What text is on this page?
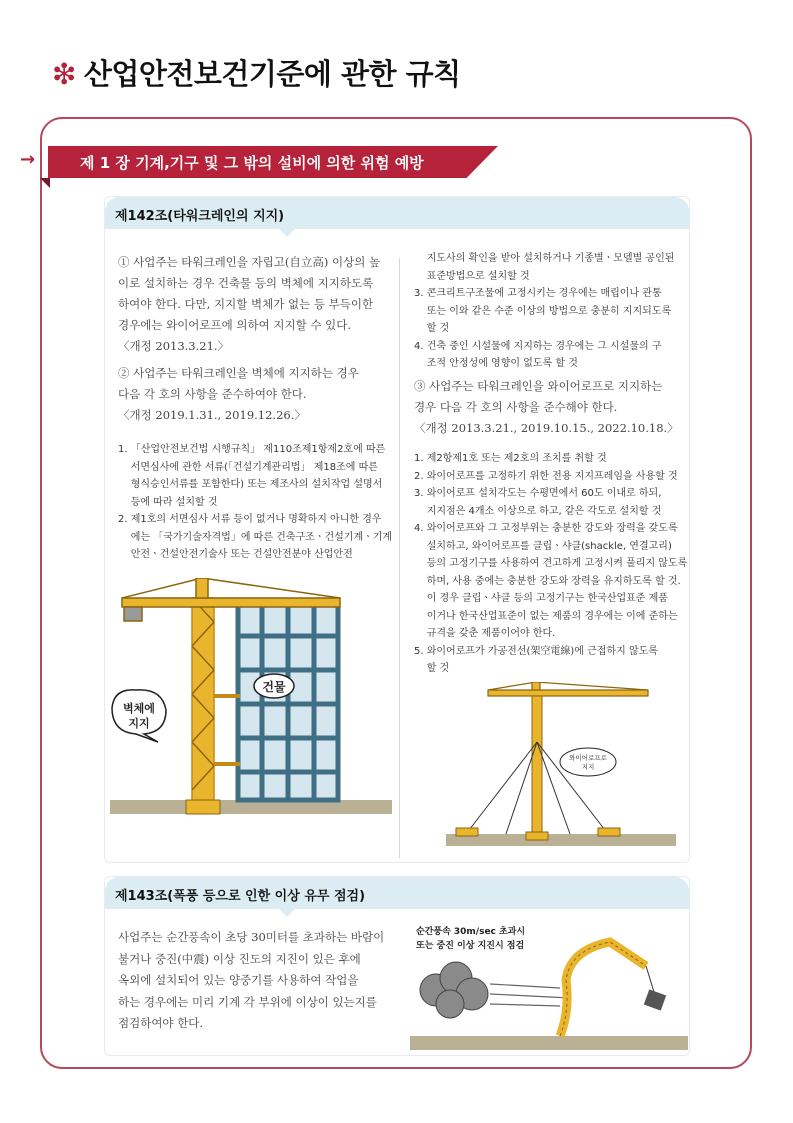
❇ 산업안전보건기준에 관한 규칙
→	제 1 장 기계,기구 및 그 밖의 설비에 의한 위험 예방
제142조(타워크레인의 지지)
① 사업주는 타워크레인을 자립고(自立高) 이상의 높
이로 설치하는 경우 건축물 등의 벽체에 지지하도록
하여야 한다. 다만, 지지할 벽체가 없는 등 부득이한
경우에는 와이어로프에 의하여 지지할 수 있다.
〈개정 2013.3.21.〉
② 사업주는 타워크레인을 벽체에 지지하는 경우
다음 각 호의 사항을 준수하여야 한다.
〈개정 2019.1.31., 2019.12.26.〉
1. 「산업안전보건법 시행규칙」 제110조제1항제2호에 따른
서면심사에 관한 서류(「건설기계관리법」 제18조에 따른
형식승인서류를 포함한다) 또는 제조사의 설치작업 설명서
등에 따라 설치할 것
2. 제1호의 서면심사 서류 등이 없거나 명확하지 아니한 경우
에는 「국가기술자격법」에 따른 건축구조ㆍ건설기계ㆍ기계
안전ㆍ건설안전기술사 또는 건설안전분야 산업안전
지도사의 확인을 받아 설치하거나 기종별ㆍ모델별 공인된
표준방법으로 설치할 것
3. 콘크리트구조물에 고정시키는 경우에는 매립이나 관통
또는 이와 같은 수준 이상의 방법으로 충분히 지지되도록
할 것
4. 건축 중인 시설물에 지지하는 경우에는 그 시설물의 구
조적 안정성에 영향이 없도록 할 것
③ 사업주는 타워크레인을 와이어로프로 지지하는
경우 다음 각 호의 사항을 준수해야 한다.
〈개정 2013.3.21., 2019.10.15., 2022.10.18.〉
1. 제2항제1호 또는 제2호의 조치를 취할 것
2. 와이어로프를 고정하기 위한 전용 지지프레임을 사용할 것
3. 와이어로프 설치각도는 수평면에서 60도 이내로 하되,
지지점은 4개소 이상으로 하고, 같은 각도로 설치할 것
4. 와이어로프와 그 고정부위는 충분한 강도와 장력을 갖도록
설치하고, 와이어로프를 클립ㆍ샤클(shackle, 연결고리)
등의 고정기구를 사용하여 견고하게 고정시켜 풀리지 않도록
하며, 사용 중에는 충분한 강도와 장력을 유지하도록 할 것.
이 경우 클립ㆍ샤클 등의 고정기구는 한국산업표준 제품
이거나 한국산업표준이 없는 제품의 경우에는 이에 준하는
규격을 갖춘 제품이어야 한다.
5. 와이어로프가 가공전선(架空電線)에 근접하지 않도록
할 것
건물
벽체에
지지
와이어로프로
지지
제143조(폭풍 등으로 인한 이상 유무 점검)
사업주는 순간풍속이 초당 30미터를 초과하는 바람이
불거나 중진(中震) 이상 진도의 지진이 있은 후에
옥외에 설치되어 있는 양중기를 사용하여 작업을
하는 경우에는 미리 기계 각 부위에 이상이 있는지를
점검하여야 한다.
순간풍속 30m/sec 초과시
또는 중진 이상 지진시 점검
